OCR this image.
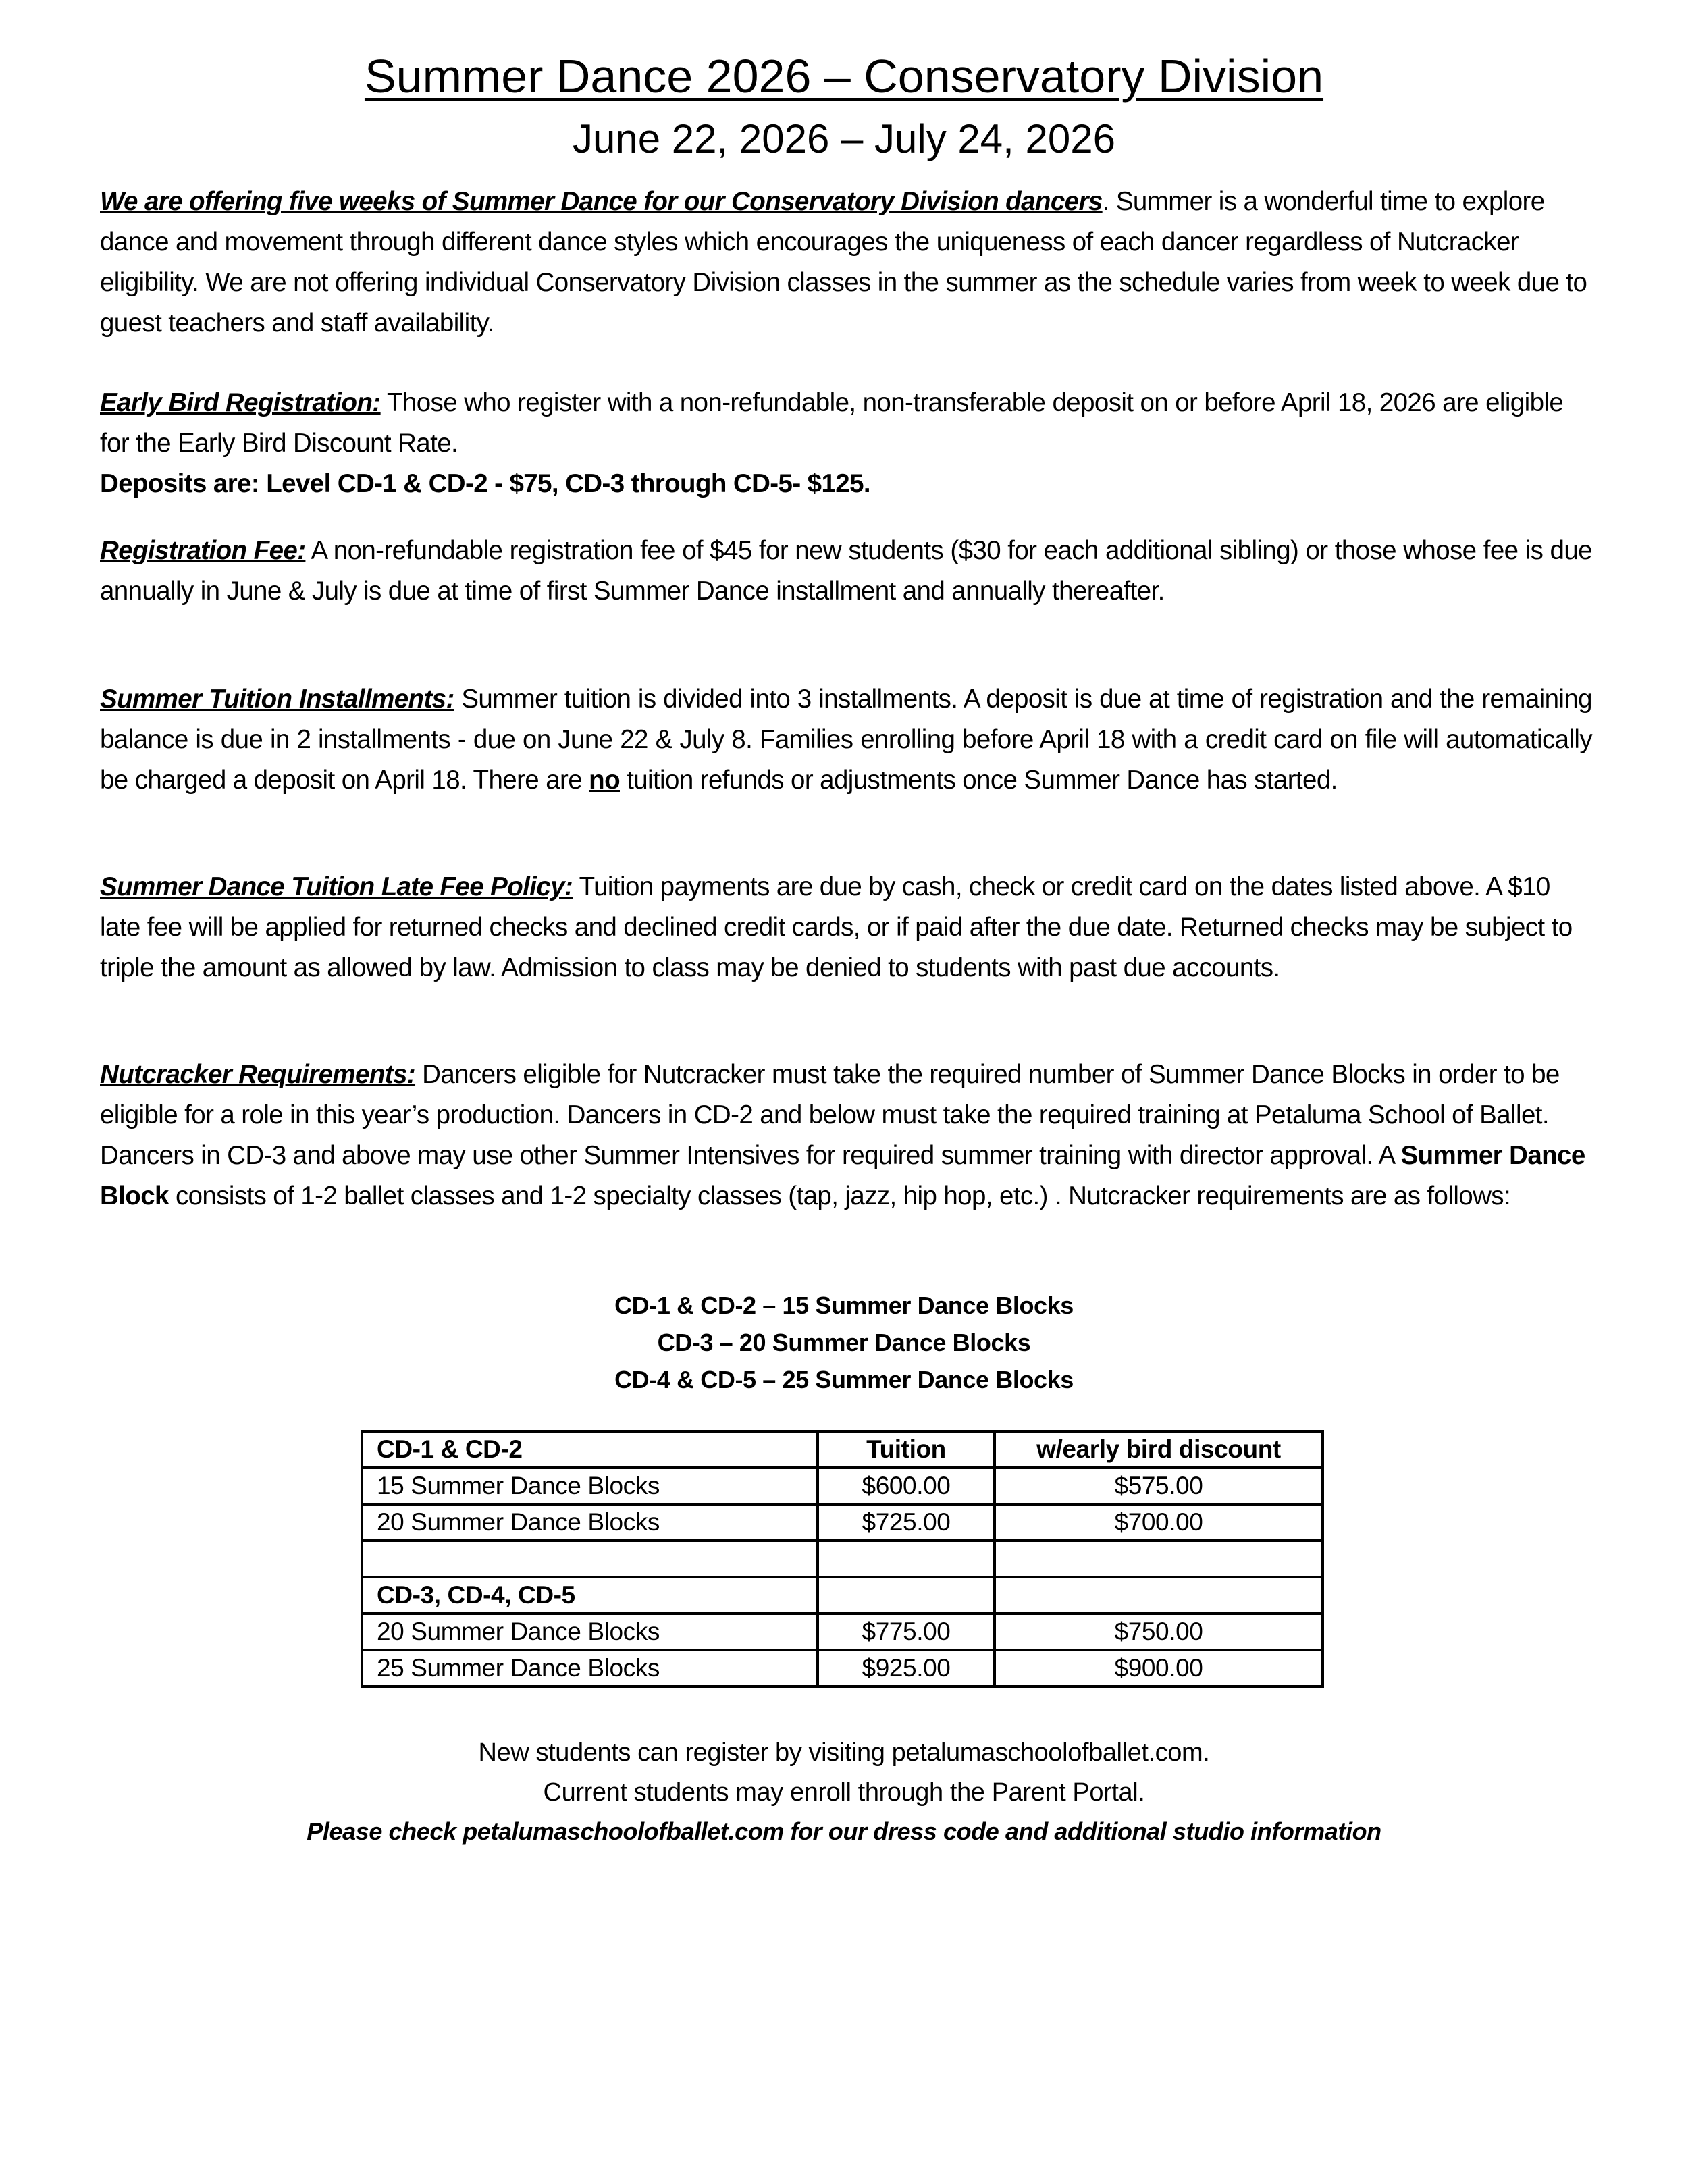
Summer Dance 2026 – Conservatory Division
June 22, 2026 – July 24, 2026
We are offering five weeks of Summer Dance for our Conservatory Division dancers. Summer is a wonderful time to explore dance and movement through different dance styles which encourages the uniqueness of each dancer regardless of Nutcracker eligibility. We are not offering individual Conservatory Division classes in the summer as the schedule varies from week to week due to guest teachers and staff availability.
Early Bird Registration: Those who register with a non-refundable, non-transferable deposit on or before April 18, 2026 are eligible for the Early Bird Discount Rate.
Deposits are: Level CD-1 & CD-2 - $75, CD-3 through CD-5- $125.
Registration Fee: A non-refundable registration fee of $45 for new students ($30 for each additional sibling) or those whose fee is due annually in June & July is due at time of first Summer Dance installment and annually thereafter.
Summer Tuition Installments: Summer tuition is divided into 3 installments. A deposit is due at time of registration and the remaining balance is due in 2 installments - due on June 22 & July 8. Families enrolling before April 18 with a credit card on file will automatically be charged a deposit on April 18. There are no tuition refunds or adjustments once Summer Dance has started.
Summer Dance Tuition Late Fee Policy: Tuition payments are due by cash, check or credit card on the dates listed above. A $10 late fee will be applied for returned checks and declined credit cards, or if paid after the due date. Returned checks may be subject to triple the amount as allowed by law. Admission to class may be denied to students with past due accounts.
Nutcracker Requirements: Dancers eligible for Nutcracker must take the required number of Summer Dance Blocks in order to be eligible for a role in this year’s production. Dancers in CD-2 and below must take the required training at Petaluma School of Ballet. Dancers in CD-3 and above may use other Summer Intensives for required summer training with director approval. A Summer Dance Block consists of 1-2 ballet classes and 1-2 specialty classes (tap, jazz, hip hop, etc.) . Nutcracker requirements are as follows:
CD-1 & CD-2 – 15 Summer Dance Blocks
CD-3 – 20 Summer Dance Blocks
CD-4 & CD-5 – 25 Summer Dance Blocks
CD-1 & CD-2	Tuition	w/early bird discount
15 Summer Dance Blocks	$600.00	$575.00
20 Summer Dance Blocks	$725.00	$700.00

CD-3, CD-4, CD-5		
20 Summer Dance Blocks	$775.00	$750.00
25 Summer Dance Blocks	$925.00	$900.00
New students can register by visiting petalumaschoolofballet.com.
Current students may enroll through the Parent Portal.
Please check petalumaschoolofballet.com for our dress code and additional studio information
